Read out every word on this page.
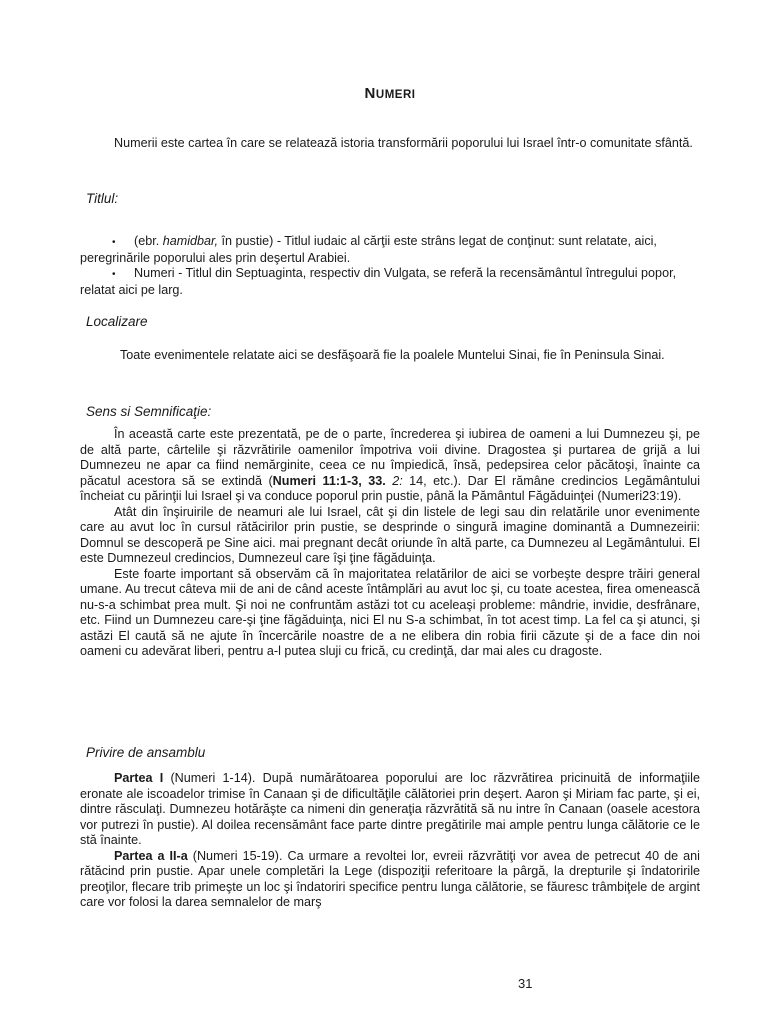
NUMERI

Numerii este cartea în care se relatează istoria transformării poporului lui Israel într-o comunitate sfântă.

Titlul:
• (ebr. hamidbar, în pustie) - Titlul iudaic al cărţii este strâns legat de conţinut: sunt relatate, aici, peregrinările poporului ales prin deşertul Arabiei.
• Numeri - Titlul din Septuaginta, respectiv din Vulgata, se referă la recensământul întregului popor, relatat aici pe larg.
Localizare

Toate evenimentele relatate aici se desfăşoară fie la poalele Muntelui Sinai, fie în Peninsula Sinai.

Sens si Semnificaţie:

În această carte este prezentată, pe de o parte, încrederea şi iubirea de oameni a lui Dumnezeu şi, pe de altă parte, cârtelile şi răzvrătirile oamenilor împotriva voii divine. Dragostea şi purtarea de grijă a lui Dumnezeu ne apar ca fiind nemărginite, ceea ce nu împiedică, însă, pedepsirea celor păcătoşi, înainte ca păcatul acestora să se extindă (Numeri 11:1-3, 33. 2: 14, etc.). Dar El rămâne credincios Legământului încheiat cu părinţii lui Israel şi va conduce poporul prin pustie, până la Pământul Făgăduinţei (Numeri23:19).

Atât din înşiruirile de neamuri ale lui Israel, cât şi din listele de legi sau din relatările unor evenimente care au avut loc în cursul rătăcirilor prin pustie, se desprinde o singură imagine dominantă a Dumnezeirii: Domnul se descoperă pe Sine aici. mai pregnant decât oriunde în altă parte, ca Dumnezeu al Legământului. El este Dumnezeul credincios, Dumnezeul care îşi ţine făgăduinţa.

Este foarte important să observăm că în majoritatea relatărilor de aici se vorbeşte despre trăiri general umane. Au trecut câteva mii de ani de când aceste întâmplări au avut loc şi, cu toate acestea, firea omenească nu-s-a schimbat prea mult. Şi noi ne confruntăm astăzi tot cu aceleaşi probleme: mândrie, invidie, desfrânare, etc. Fiind un Dumnezeu care-şi ţine făgăduinţa, nici El nu S-a schimbat, în tot acest timp. La fel ca şi atunci, şi astăzi El caută să ne ajute în încercările noastre de a ne elibera din robia firii căzute şi de a face din noi oameni cu adevărat liberi, pentru a-l putea sluji cu frică, cu credinţă, dar mai ales cu dragoste.

Privire de ansamblu

Partea I (Numeri 1-14). După numărătoarea poporului are loc răzvrătirea pricinuită de informaţiile eronate ale iscoadelor trimise în Canaan şi de dificultăţile călătoriei prin deşert. Aaron şi Miriam fac parte, şi ei, dintre răsculaţi. Dumnezeu hotărăşte ca nimeni din generaţia răzvrătită să nu intre în Canaan (oasele acestora vor putrezi în pustie). Al doilea recensământ face parte dintre pregătirile mai ample pentru lunga călătorie ce le stă înainte.

Partea a II-a (Numeri 15-19). Ca urmare a revoltei lor, evreii răzvrătiţi vor avea de petrecut 40 de ani rătăcind prin pustie. Apar unele completări la Lege (dispoziţii referitoare la pârgă, la drepturile şi îndatoririle preoţilor, flecare trib primeşte un loc şi îndatoriri specifice pentru lunga călătorie, se făuresc trâmbiţele de argint care vor folosi la darea semnalelor de marş

31
